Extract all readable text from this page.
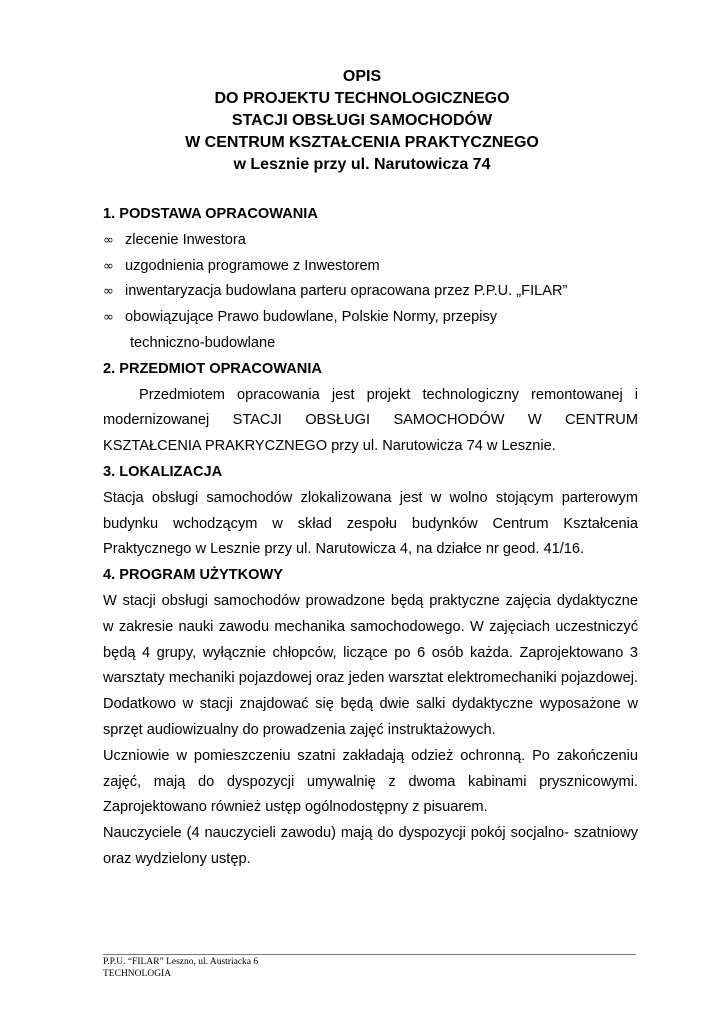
OPIS
DO PROJEKTU TECHNOLOGICZNEGO
STACJI OBSŁUGI SAMOCHODÓW
W CENTRUM KSZTAŁCENIA PRAKTYCZNEGO
w Lesznie przy ul. Narutowicza 74
1. PODSTAWA OPRACOWANIA
∞ zlecenie Inwestora
∞ uzgodnienia programowe z Inwestorem
∞ inwentaryzacja budowlana parteru opracowana przez P.P.U. „FILAR”
∞ obowiązujące Prawo budowlane, Polskie Normy, przepisy
techniczno-budowlane
2. PRZEDMIOT OPRACOWANIA
Przedmiotem opracowania jest projekt technologiczny remontowanej i
modernizowanej STACJI OBSŁUGI SAMOCHODÓW W CENTRUM
KSZTAŁCENIA PRAKRYCZNEGO przy ul. Narutowicza 74 w Lesznie.
3. LOKALIZACJA
Stacja obsługi samochodów zlokalizowana jest w wolno stojącym parterowym
budynku wchodzącym w skład zespołu budynków Centrum Kształcenia
Praktycznego w Lesznie przy ul. Narutowicza 4, na działce nr geod. 41/16.
4. PROGRAM UŻYTKOWY
W stacji obsługi samochodów prowadzone będą praktyczne zajęcia dydaktyczne
w zakresie nauki zawodu mechanika samochodowego. W zajęciach uczestniczyć
będą 4 grupy, wyłącznie chłopców, liczące po 6 osób każda. Zaprojektowano 3
warsztaty mechaniki pojazdowej oraz jeden warsztat elektromechaniki pojazdowej.
Dodatkowo w stacji znajdować się będą dwie salki dydaktyczne wyposażone w
sprzęt audiowizualny do prowadzenia zajęć instruktażowych.
Uczniowie w pomieszczeniu szatni zakładają odzież ochronną. Po zakończeniu
zajęć, mają do dyspozycji umywalnię z dwoma kabinami prysznicowymi.
Zaprojektowano również ustęp ogólnodostępny z pisuarem.
Nauczyciele (4 nauczycieli zawodu) mają do dyspozycji pokój socjalno- szatniowy
oraz wydzielony ustęp.
P.P.U. “FILAR” Leszno, ul. Austriacka 6
TECHNOLOGIA
